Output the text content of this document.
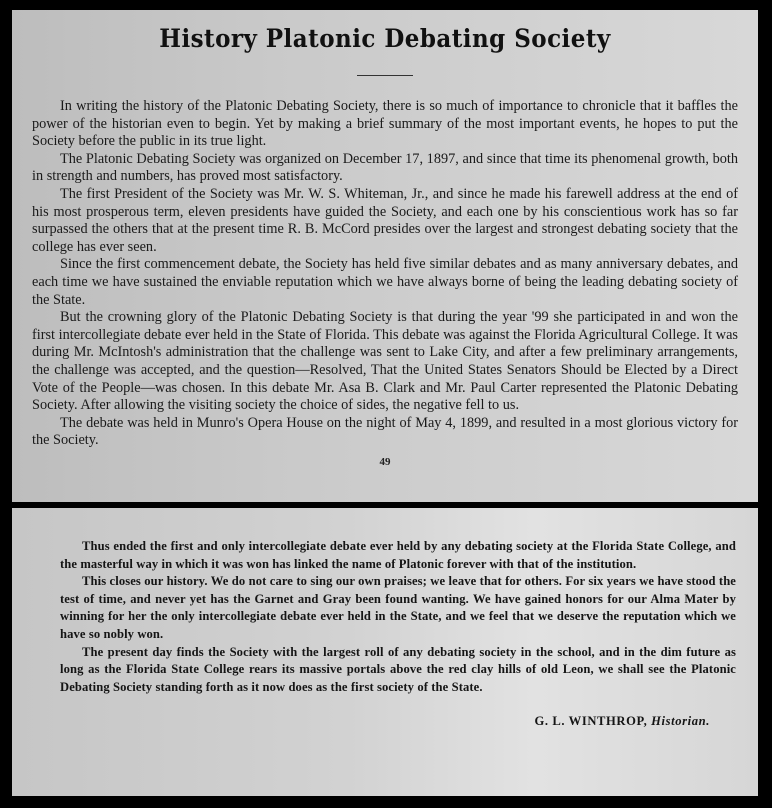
History Platonic Debating Society

In writing the history of the Platonic Debating Society, there is so much of importance to chronicle that it baffles the power of the historian even to begin. Yet by making a brief summary of the most important events, he hopes to put the Society before the public in its true light.

The Platonic Debating Society was organized on December 17, 1897, and since that time its phenomenal growth, both in strength and numbers, has proved most satisfactory.

The first President of the Society was Mr. W. S. Whiteman, Jr., and since he made his farewell address at the end of his most prosperous term, eleven presidents have guided the Society, and each one by his conscientious work has so far surpassed the others that at the present time R. B. McCord presides over the largest and strongest debating society that the college has ever seen.

Since the first commencement debate, the Society has held five similar debates and as many anniversary debates, and each time we have sustained the enviable reputation which we have always borne of being the leading debating society of the State.

But the crowning glory of the Platonic Debating Society is that during the year '99 she participated in and won the first intercollegiate debate ever held in the State of Florida. This debate was against the Florida Agricultural College. It was during Mr. McIntosh's administration that the challenge was sent to Lake City, and after a few preliminary arrangements, the challenge was accepted, and the question—Resolved, That the United States Senators Should be Elected by a Direct Vote of the People—was chosen. In this debate Mr. Asa B. Clark and Mr. Paul Carter represented the Platonic Debating Society. After allowing the visiting society the choice of sides, the negative fell to us.

The debate was held in Munro's Opera House on the night of May 4, 1899, and resulted in a most glorious victory for the Society.

49

Thus ended the first and only intercollegiate debate ever held by any debating society at the Florida State College, and the masterful way in which it was won has linked the name of Platonic forever with that of the institution.

This closes our history. We do not care to sing our own praises; we leave that for others. For six years we have stood the test of time, and never yet has the Garnet and Gray been found wanting. We have gained honors for our Alma Mater by winning for her the only intercollegiate debate ever held in the State, and we feel that we deserve the reputation which we have so nobly won.

The present day finds the Society with the largest roll of any debating society in the school, and in the dim future as long as the Florida State College rears its massive portals above the red clay hills of old Leon, we shall see the Platonic Debating Society standing forth as it now does as the first society of the State.

G. L. WINTHROP, Historian.
